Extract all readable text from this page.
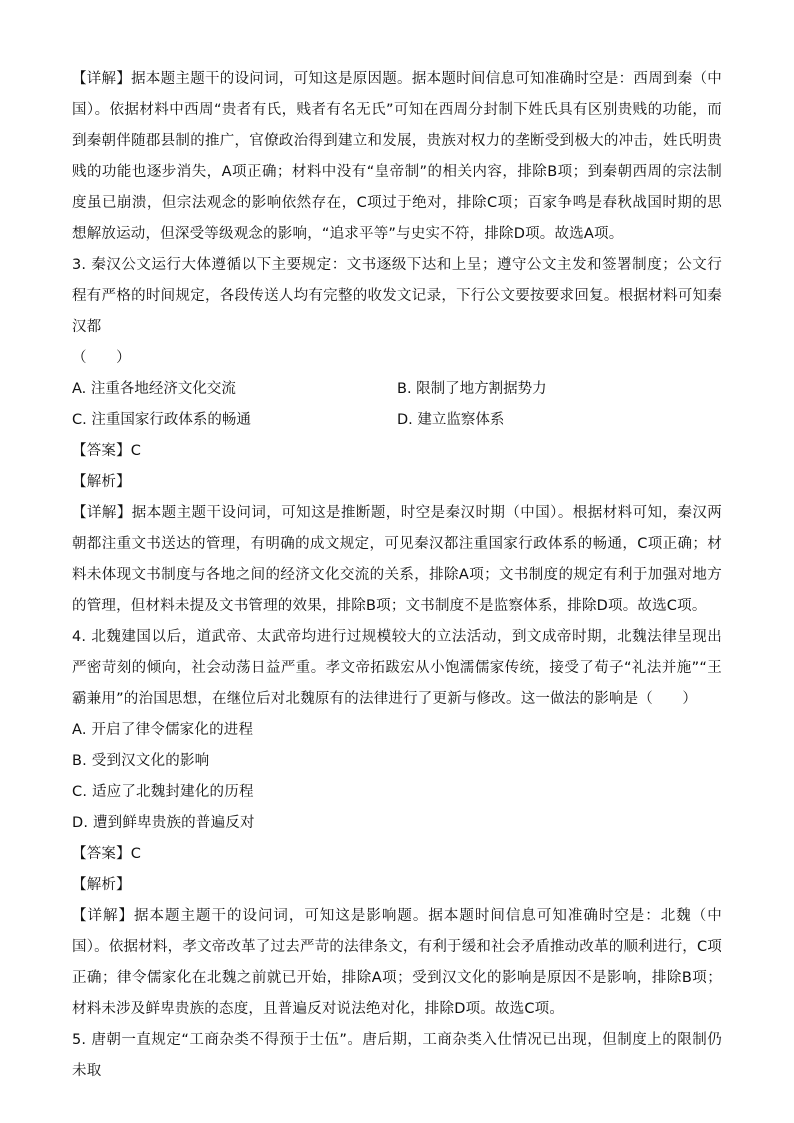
【详解】据本题主题干的设问词，可知这是原因题。据本题时间信息可知准确时空是：西周到秦（中国）。依据材料中西周“贵者有氏，贱者有名无氏”可知在西周分封制下姓氏具有区别贵贱的功能，而到秦朝伴随郡县制的推广，官僚政治得到建立和发展，贵族对权力的垄断受到极大的冲击，姓氏明贵贱的功能也逐步消失，A项正确；材料中没有“皇帝制”的相关内容，排除B项；到秦朝西周的宗法制度虽已崩溃，但宗法观念的影响依然存在，C项过于绝对，排除C项；百家争鸣是春秋战国时期的思想解放运动，但深受等级观念的影响，“追求平等”与史实不符，排除D项。故选A项。

3. 秦汉公文运行大体遵循以下主要规定：文书逐级下达和上呈；遵守公文主发和签署制度；公文行程有严格的时间规定，各段传送人均有完整的收发文记录，下行公文要按要求回复。根据材料可知秦汉都

（　　）

A. 注重各地经济文化交流	B. 限制了地方割据势力
C. 注重国家行政体系的畅通	D. 建立监察体系

【答案】C

【解析】

【详解】据本题主题干设问词，可知这是推断题，时空是秦汉时期（中国）。根据材料可知，秦汉两朝都注重文书送达的管理，有明确的成文规定，可见秦汉都注重国家行政体系的畅通，C项正确；材料未体现文书制度与各地之间的经济文化交流的关系，排除A项；文书制度的规定有利于加强对地方的管理，但材料未提及文书管理的效果，排除B项；文书制度不是监察体系，排除D项。故选C项。

4. 北魏建国以后，道武帝、太武帝均进行过规模较大的立法活动，到文成帝时期，北魏法律呈现出严密苛刻的倾向，社会动荡日益严重。孝文帝拓跋宏从小饱濡儒家传统，接受了荀子“礼法并施”“王霸兼用”的治国思想，在继位后对北魏原有的法律进行了更新与修改。这一做法的影响是（　　）

A. 开启了律令儒家化的进程

B. 受到汉文化的影响

C. 适应了北魏封建化的历程

D. 遭到鲜卑贵族的普遍反对

【答案】C

【解析】

【详解】据本题主题干的设问词，可知这是影响题。据本题时间信息可知准确时空是：北魏（中国）。依据材料，孝文帝改革了过去严苛的法律条文，有利于缓和社会矛盾推动改革的顺利进行，C项正确；律令儒家化在北魏之前就已开始，排除A项；受到汉文化的影响是原因不是影响，排除B项；材料未涉及鲜卑贵族的态度，且普遍反对说法绝对化，排除D项。故选C项。

5. 唐朝一直规定“工商杂类不得预于士伍”。唐后期，工商杂类入仕情况已出现，但制度上的限制仍未取
